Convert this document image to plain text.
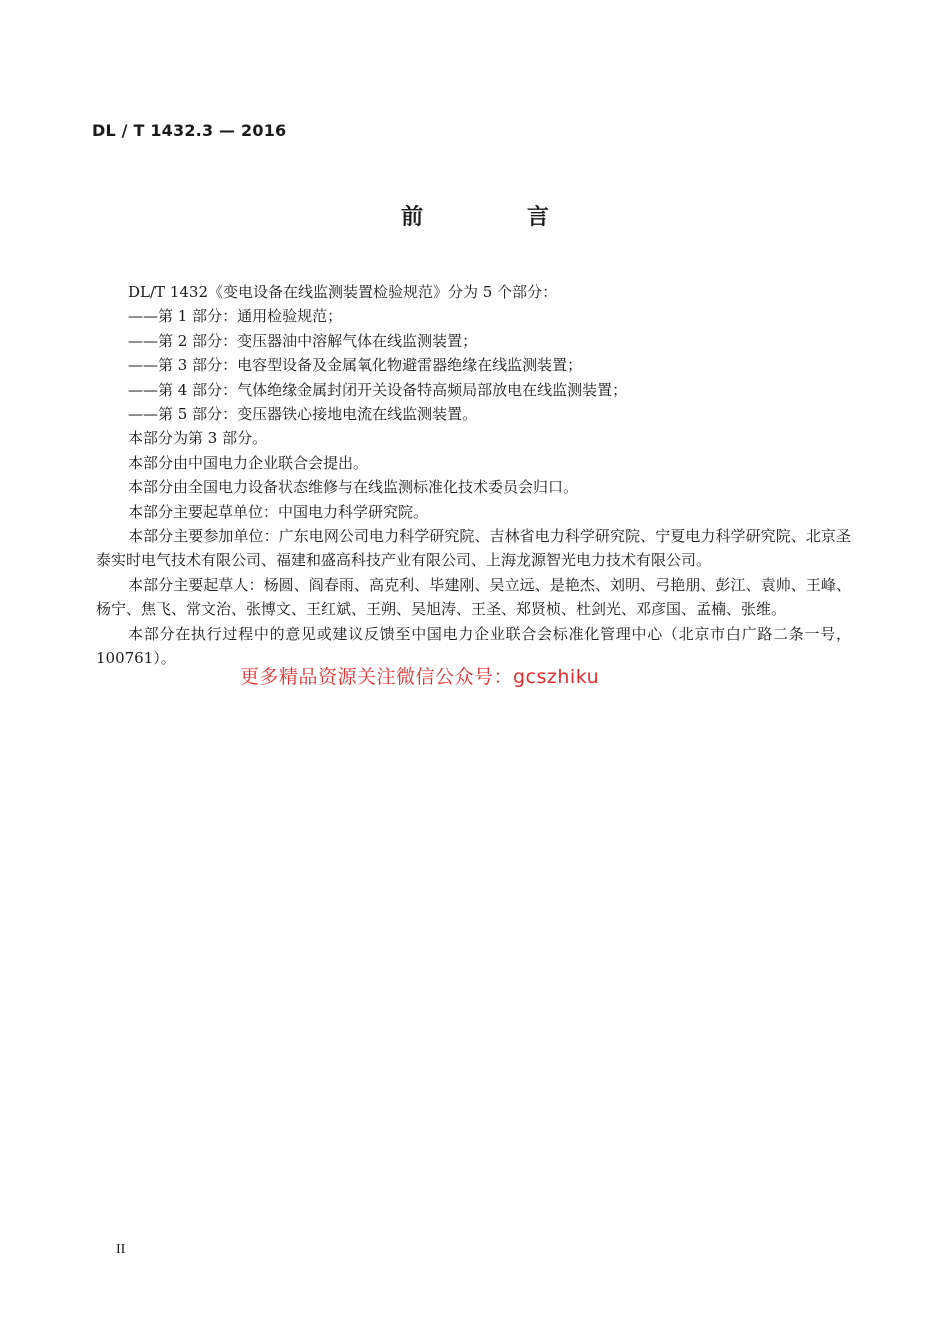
DL / T 1432.3 — 2016
前 言

DL/T 1432《变电设备在线监测装置检验规范》分为 5 个部分：

——第 1 部分：通用检验规范；

——第 2 部分：变压器油中溶解气体在线监测装置；

——第 3 部分：电容型设备及金属氧化物避雷器绝缘在线监测装置；

——第 4 部分：气体绝缘金属封闭开关设备特高频局部放电在线监测装置；

——第 5 部分：变压器铁心接地电流在线监测装置。

本部分为第 3 部分。

本部分由中国电力企业联合会提出。

本部分由全国电力设备状态维修与在线监测标准化技术委员会归口。

本部分主要起草单位：中国电力科学研究院。

本部分主要参加单位：广东电网公司电力科学研究院、吉林省电力科学研究院、宁夏电力科学研究院、北京圣泰实时电气技术有限公司、福建和盛高科技产业有限公司、上海龙源智光电力技术有限公司。

本部分主要起草人：杨圆、阎春雨、高克利、毕建刚、吴立远、是艳杰、刘明、弓艳朋、彭江、袁帅、王峰、杨宁、焦飞、常文治、张博文、王红斌、王朔、吴旭涛、王圣、郑贤桢、杜剑光、邓彦国、孟楠、张维。

本部分在执行过程中的意见或建议反馈至中国电力企业联合会标准化管理中心（北京市白广路二条一号，100761）。

更多精品资源关注微信公众号：gcszhiku
II
